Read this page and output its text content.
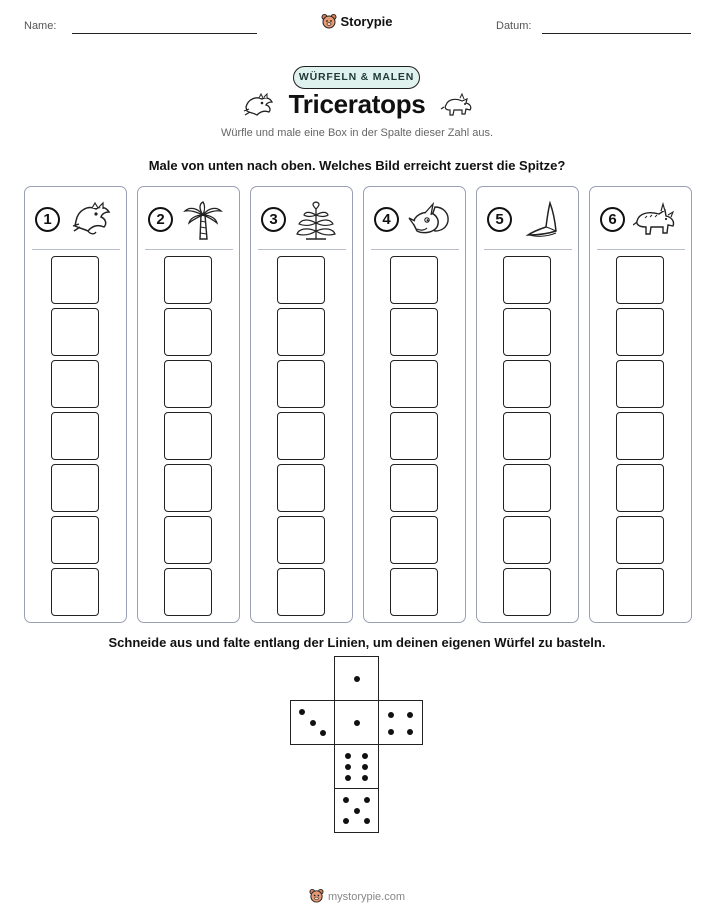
Name:	Storypie	Datum:
WÜRFELN & MALEN
Triceratops
Würfle und male eine Box in der Spalte dieser Zahl aus.
Male von unten nach oben. Welches Bild erreicht zuerst die Spitze?
1	2	3	4	5	6
Schneide aus und falte entlang der Linien, um deinen eigenen Würfel zu basteln.
mystorypie.com
